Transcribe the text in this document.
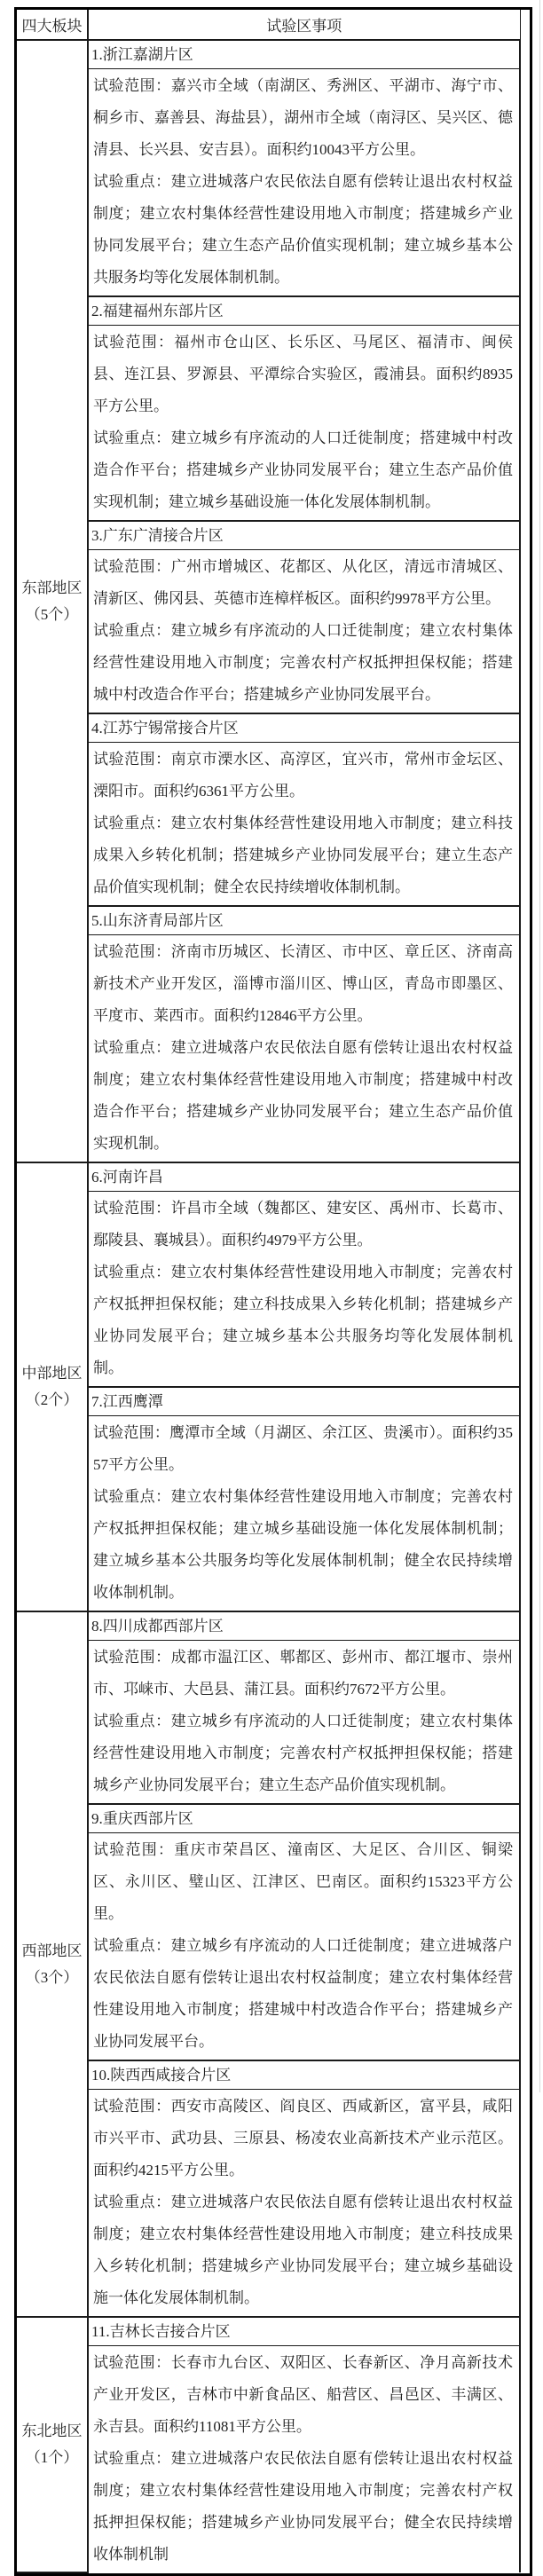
四大板块	试验区事项

东部地区
（5个）	1.浙江嘉湖片区

	试验范围：嘉兴市全域（南湖区、秀洲区、平湖市、海宁市、桐乡市、嘉善县、海盐县），湖州市全域（南浔区、吴兴区、德清县、长兴县、安吉县）。面积约10043平方公里。

试验重点：建立进城落户农民依法自愿有偿转让退出农村权益制度；建立农村集体经营性建设用地入市制度；搭建城乡产业协同发展平台；建立生态产品价值实现机制；建立城乡基本公共服务均等化发展体制机制。

	2.福建福州东部片区

	试验范围：福州市仓山区、长乐区、马尾区、福清市、闽侯县、连江县、罗源县、平潭综合实验区，霞浦县。面积约8935平方公里。

试验重点：建立城乡有序流动的人口迁徙制度；搭建城中村改造合作平台；搭建城乡产业协同发展平台；建立生态产品价值实现机制；建立城乡基础设施一体化发展体制机制。

	3.广东广清接合片区

	试验范围：广州市增城区、花都区、从化区，清远市清城区、清新区、佛冈县、英德市连樟样板区。面积约9978平方公里。

试验重点：建立城乡有序流动的人口迁徙制度；建立农村集体经营性建设用地入市制度；完善农村产权抵押担保权能；搭建城中村改造合作平台；搭建城乡产业协同发展平台。

	4.江苏宁锡常接合片区

	试验范围：南京市溧水区、高淳区，宜兴市，常州市金坛区、溧阳市。面积约6361平方公里。

试验重点：建立农村集体经营性建设用地入市制度；建立科技成果入乡转化机制；搭建城乡产业协同发展平台；建立生态产品价值实现机制；健全农民持续增收体制机制。

	5.山东济青局部片区

	试验范围：济南市历城区、长清区、市中区、章丘区、济南高新技术产业开发区，淄博市淄川区、博山区，青岛市即墨区、平度市、莱西市。面积约12846平方公里。

试验重点：建立进城落户农民依法自愿有偿转让退出农村权益制度；建立农村集体经营性建设用地入市制度；搭建城中村改造合作平台；搭建城乡产业协同发展平台；建立生态产品价值实现机制。

中部地区
（2个）	6.河南许昌

	试验范围：许昌市全域（魏都区、建安区、禹州市、长葛市、鄢陵县、襄城县）。面积约4979平方公里。

试验重点：建立农村集体经营性建设用地入市制度；完善农村产权抵押担保权能；建立科技成果入乡转化机制；搭建城乡产业协同发展平台；建立城乡基本公共服务均等化发展体制机制。

	7.江西鹰潭

	试验范围：鹰潭市全域（月湖区、余江区、贵溪市）。面积约3557平方公里。

试验重点：建立农村集体经营性建设用地入市制度；完善农村产权抵押担保权能；建立城乡基础设施一体化发展体制机制；建立城乡基本公共服务均等化发展体制机制；健全农民持续增收体制机制。

西部地区
（3个）	8.四川成都西部片区

	试验范围：成都市温江区、郫都区、彭州市、都江堰市、崇州市、邛崃市、大邑县、蒲江县。面积约7672平方公里。

试验重点：建立城乡有序流动的人口迁徙制度；建立农村集体经营性建设用地入市制度；完善农村产权抵押担保权能；搭建城乡产业协同发展平台；建立生态产品价值实现机制。

	9.重庆西部片区

	试验范围：重庆市荣昌区、潼南区、大足区、合川区、铜梁区、永川区、璧山区、江津区、巴南区。面积约15323平方公里。

试验重点：建立城乡有序流动的人口迁徙制度；建立进城落户农民依法自愿有偿转让退出农村权益制度；建立农村集体经营性建设用地入市制度；搭建城中村改造合作平台；搭建城乡产业协同发展平台。

	10.陕西西咸接合片区

	试验范围：西安市高陵区、阎良区、西咸新区，富平县，咸阳市兴平市、武功县、三原县、杨凌农业高新技术产业示范区。面积约4215平方公里。

试验重点：建立进城落户农民依法自愿有偿转让退出农村权益制度；建立农村集体经营性建设用地入市制度；建立科技成果入乡转化机制；搭建城乡产业协同发展平台；建立城乡基础设施一体化发展体制机制。

东北地区
（1个）	11.吉林长吉接合片区

	试验范围：长春市九台区、双阳区、长春新区、净月高新技术产业开发区，吉林市中新食品区、船营区、昌邑区、丰满区、永吉县。面积约11081平方公里。

试验重点：建立进城落户农民依法自愿有偿转让退出农村权益制度；建立农村集体经营性建设用地入市制度；完善农村产权抵押担保权能；搭建城乡产业协同发展平台；健全农民持续增收体制机制
